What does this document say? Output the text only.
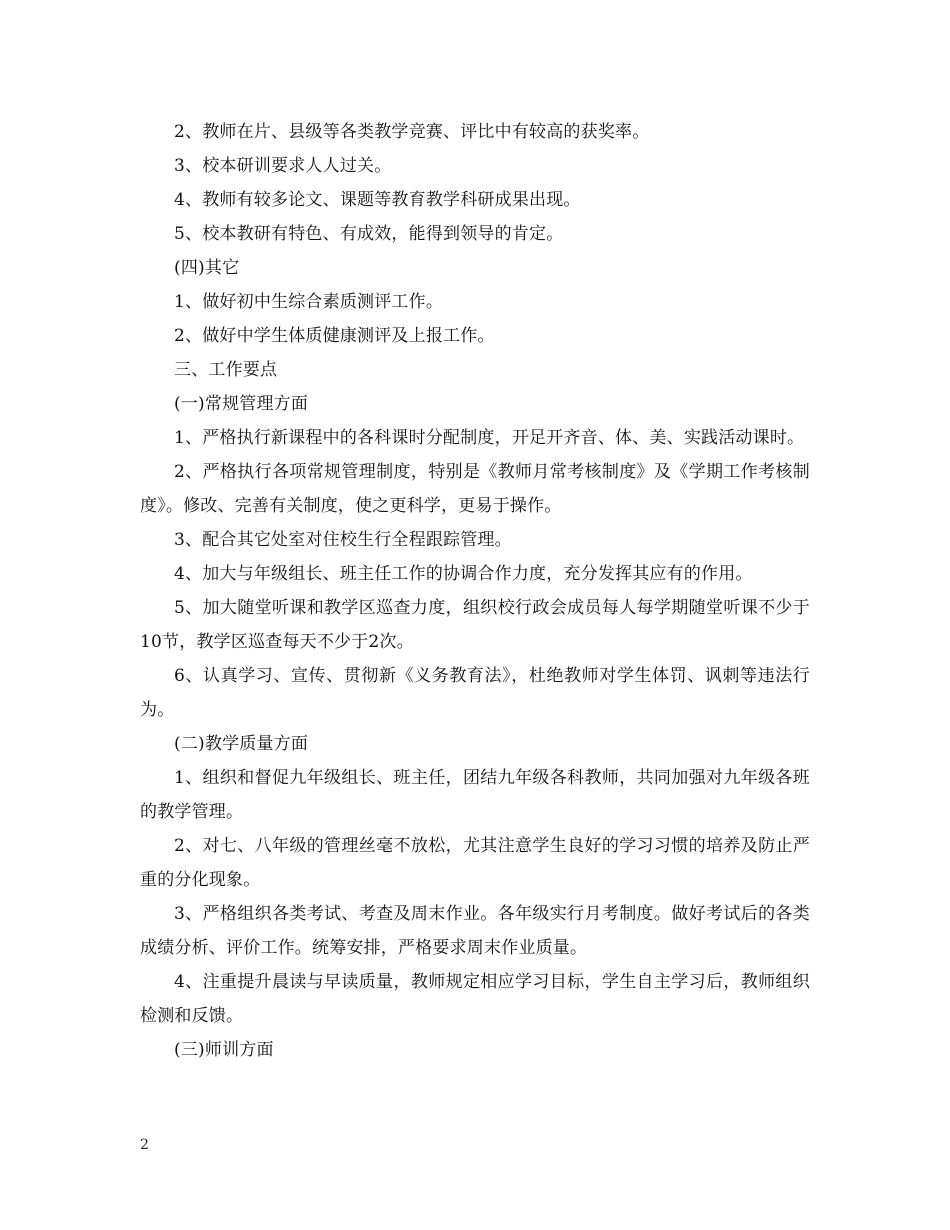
2、教师在片、县级等各类教学竞赛、评比中有较高的获奖率。

3、校本研训要求人人过关。

4、教师有较多论文、课题等教育教学科研成果出现。

5、校本教研有特色、有成效，能得到领导的肯定。

(四)其它

1、做好初中生综合素质测评工作。

2、做好中学生体质健康测评及上报工作。

三、工作要点

(一)常规管理方面

1、严格执行新课程中的各科课时分配制度，开足开齐音、体、美、实践活动课时。

2、严格执行各项常规管理制度，特别是《教师月常考核制度》及《学期工作考核制度》。修改、完善有关制度，使之更科学，更易于操作。

3、配合其它处室对住校生行全程跟踪管理。

4、加大与年级组长、班主任工作的协调合作力度，充分发挥其应有的作用。

5、加大随堂听课和教学区巡查力度，组织校行政会成员每人每学期随堂听课不少于10节，教学区巡查每天不少于2次。

6、认真学习、宣传、贯彻新《义务教育法》，杜绝教师对学生体罚、讽刺等违法行为。

(二)教学质量方面

1、组织和督促九年级组长、班主任，团结九年级各科教师，共同加强对九年级各班的教学管理。

2、对七、八年级的管理丝毫不放松，尤其注意学生良好的学习习惯的培养及防止严重的分化现象。

3、严格组织各类考试、考查及周末作业。各年级实行月考制度。做好考试后的各类成绩分析、评价工作。统筹安排，严格要求周末作业质量。

4、注重提升晨读与早读质量，教师规定相应学习目标，学生自主学习后，教师组织检测和反馈。

(三)师训方面

2
